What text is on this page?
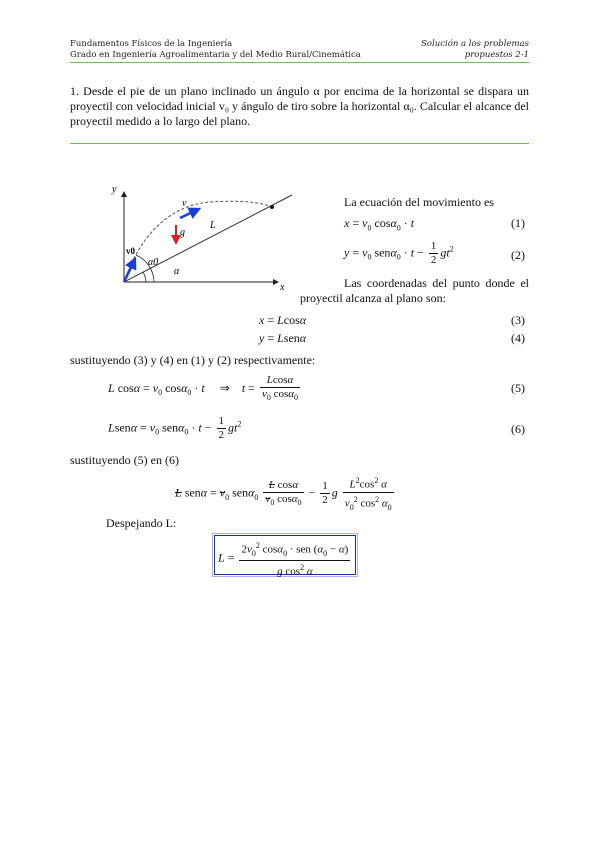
Fundamentos Físicos de la Ingeniería
Grado en Ingeniería Agroalimentaria y del Medio Rural/Cinemática
Solución a los problemas propuestos 2-1
1. Desde el pie de un plano inclinado un ángulo α por encima de la horizontal se dispara un proyectil con velocidad inicial v₀ y ángulo de tiro sobre la horizontal α₀. Calcular el alcance del proyectil medido a lo largo del plano.
y
x
v
g
L
v0
α0
α
La ecuación del movimiento es
$x = v_0$ cosα$_0$ · t	(1)
$y = v_0$ $sen\alpha_0 \cdot t - \frac{1}{2} gt^2$	(2)
Las coordenadas del punto donde el proyectil alcanza al plano son:
x = Lcosα	(3)
y = Lsenα	(4)
sustituyendo (3) y (4) en (1) y (2) respectivamente:
L $\cos\alpha = v_0$ cosα$_0$ · t     ⇒    $t = \frac{Lcos\alpha}{v_0 \cos\alpha_0}$	(5)
Lsenα = $v_0$ $sen\alpha_0 \cdot t - \frac{1}{2} gt^2$	(6)
sustituyendo (5) en (6)
L $sen\alpha = v_0$ $sen\alpha_0 \frac{\text{L cosα}}{v_0 \cos\alpha_0} - \frac{1}{2}$ g $\frac{L^2\cos^2 \alpha}{v_0^2 \cos^2 \alpha_0}$
Despejando L:
$L = \frac{2v_0^2 \cos\alpha_0 \cdot sen (\alpha_0 - \alpha)}{g \cos^2 \alpha}$
